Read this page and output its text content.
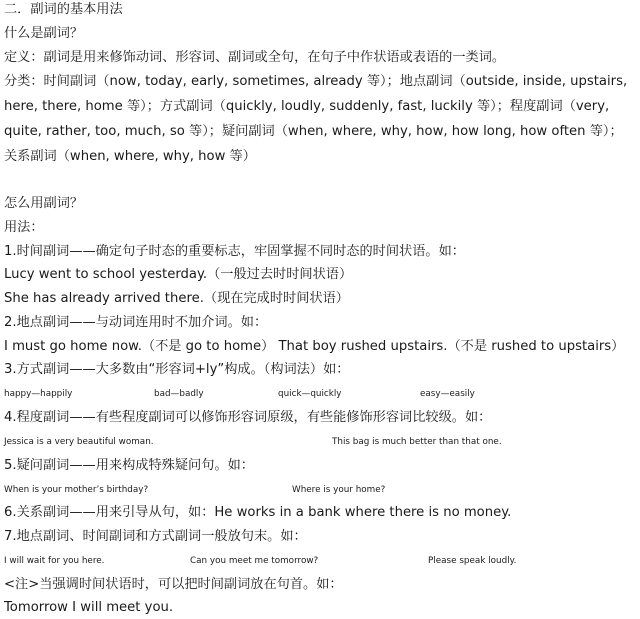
二．副词的基本用法
什么是副词？
定义：副词是用来修饰动词、形容词、副词或全句，在句子中作状语或表语的一类词。
分类：时间副词（now, today, early, sometimes, already 等）；地点副词（outside, inside, upstairs,
here, there, home 等）；方式副词（quickly, loudly, suddenly, fast, luckily 等）；程度副词（very,
quite, rather, too, much, so 等）；疑问副词（when, where, why, how, how long, how often 等）；
关系副词（when, where, why, how 等）
怎么用副词？
用法：
1.时间副词——确定句子时态的重要标志，牢固掌握不同时态的时间状语。如：
Lucy went to school yesterday.（一般过去时时间状语）
She has already arrived there.（现在完成时时间状语）
2.地点副词——与动词连用时不加介词。如：
I must go home now.（不是 go to home） That boy rushed upstairs.（不是 rushed to upstairs）
3.方式副词——大多数由“形容词+ly”构成。（构词法）如：
happy—happily	bad—badly	quick—quickly	easy—easily
4.程度副词——有些程度副词可以修饰形容词原级，有些能修饰形容词比较级。如：
Jessica is a very beautiful woman.	This bag is much better than that one.
5.疑问副词——用来构成特殊疑问句。如：
When is your mother’s birthday?	Where is your home?
6.关系副词——用来引导从句，如：He works in a bank where there is no money.
7.地点副词、时间副词和方式副词一般放句末。如：
I will wait for you here.	Can you meet me tomorrow?	Please speak loudly.
<注>当强调时间状语时，可以把时间副词放在句首。如：
Tomorrow I will meet you.
